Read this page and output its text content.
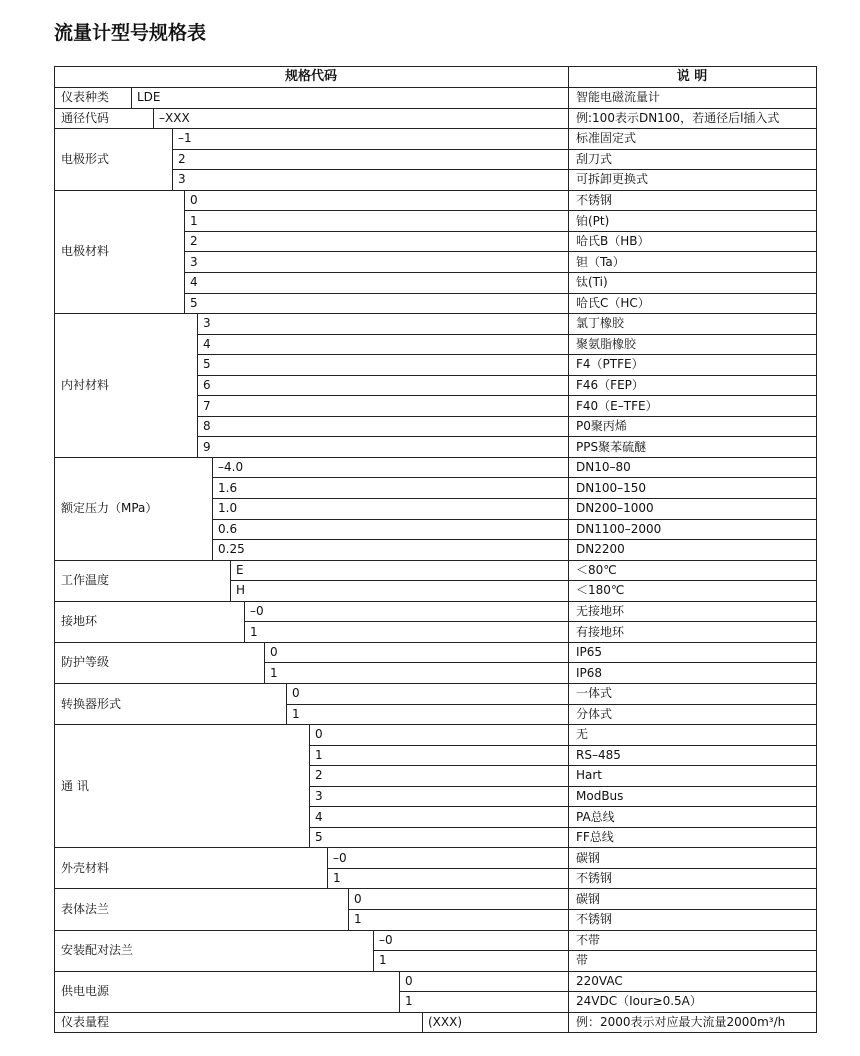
流量计型号规格表
规格代码	说 明
仪表种类 LDE	智能电磁流量计
通径代码	–XXX	例:100表示DN100，若通径后l插入式
电极形式
–1	标准固定式
2	刮刀式
3	可拆卸更换式
电极材料
0	不锈钢
1	铂(Pt)
2	哈氏B（HB）
3	钽（Ta）
4	钛(Ti)
5	哈氏C（HC）
内衬材料
3	氯丁橡胶
4	聚氨脂橡胶
5	F4（PTFE）
6	F46（FEP）
7	F40（E–TFE）
8	P0聚丙烯
9	PPS聚苯硫醚
额定压力（MPa）
–4.0	DN10–80
1.6	DN100–150
1.0	DN200–1000
0.6	DN1100–2000
0.25	DN2200
工作温度
E	＜80℃
H	＜180℃
接地环
–0	无接地环
1	有接地环
防护等级
0	IP65
1	IP68
转换器形式
0	一体式
1	分体式
通 讯
0	无
1	RS–485
2	Hart
3	ModBus
4	PA总线
5	FF总线
外壳材料
–0	碳钢
1	不锈钢
表体法兰
0	碳钢
1	不锈钢
安装配对法兰
–0	不带
1	带
供电电源
0	220VAC
1	24VDC（Iour≥0.5A）
仪表量程	(XXX)	例：2000表示对应最大流量2000m³/h
